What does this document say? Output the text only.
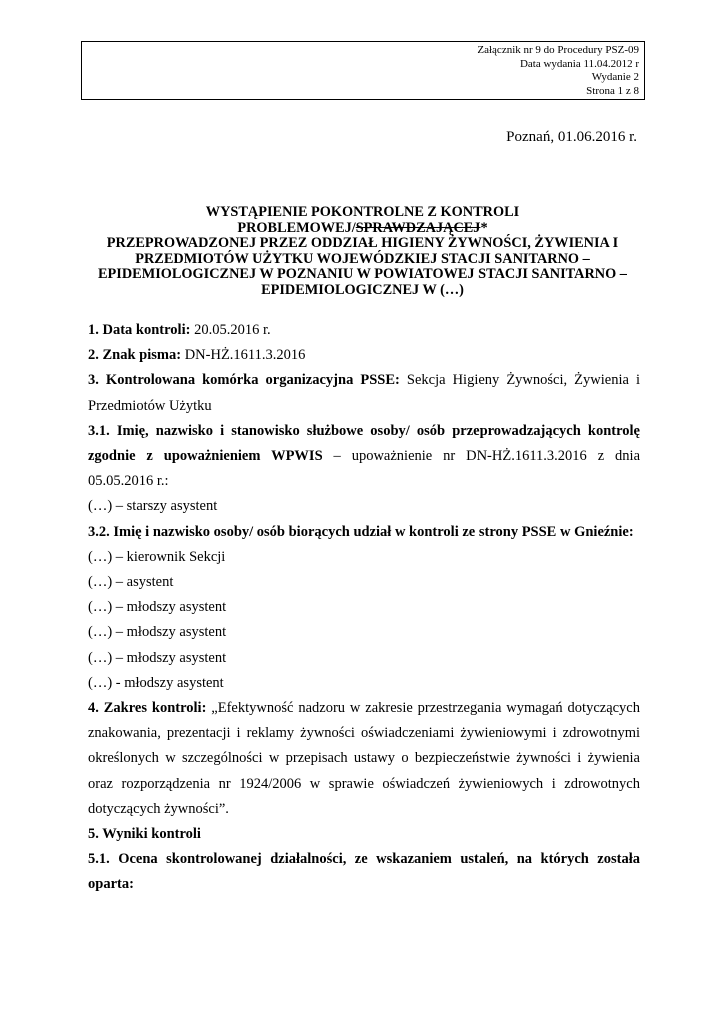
Załącznik nr 9 do Procedury PSZ-09
Data wydania 11.04.2012 r
Wydanie 2
Strona 1 z 8
Poznań, 01.06.2016 r.
WYSTĄPIENIE POKONTROLNE Z KONTROLI
PROBLEMOWEJ/SPRAWDZAJĄCEJ*
PRZEPROWADZONEJ PRZEZ ODDZIAŁ HIGIENY ŻYWNOŚCI, ŻYWIENIA I
PRZEDMIOTÓW UŻYTKU WOJEWÓDZKIEJ STACJI SANITARNO –
EPIDEMIOLOGICZNEJ W POZNANIU W POWIATOWEJ STACJI SANITARNO –
EPIDEMIOLOGICZNEJ W (…)

1. Data kontroli: 20.05.2016 r.

2. Znak pisma: DN-HŻ.1611.3.2016

3. Kontrolowana komórka organizacyjna PSSE: Sekcja Higieny Żywności, Żywienia i Przedmiotów Użytku

3.1. Imię, nazwisko i stanowisko służbowe osoby/ osób przeprowadzających kontrolę zgodnie z upoważnieniem WPWIS – upoważnienie nr DN-HŻ.1611.3.2016 z dnia 05.05.2016 r.:

(…) – starszy asystent

3.2. Imię i nazwisko osoby/ osób biorących udział w kontroli ze strony PSSE w Gnieźnie:

(…) – kierownik Sekcji

(…) – asystent

(…) – młodszy asystent

(…) – młodszy asystent

(…) – młodszy asystent

(…) - młodszy asystent

4. Zakres kontroli: „Efektywność nadzoru w zakresie przestrzegania wymagań dotyczących znakowania, prezentacji i reklamy żywności oświadczeniami żywieniowymi i zdrowotnymi określonych w szczególności w przepisach ustawy o bezpieczeństwie żywności i żywienia oraz rozporządzenia nr 1924/2006 w sprawie oświadczeń żywieniowych i zdrowotnych dotyczących żywności”.

5. Wyniki kontroli

5.1. Ocena skontrolowanej działalności, ze wskazaniem ustaleń, na których została oparta:
